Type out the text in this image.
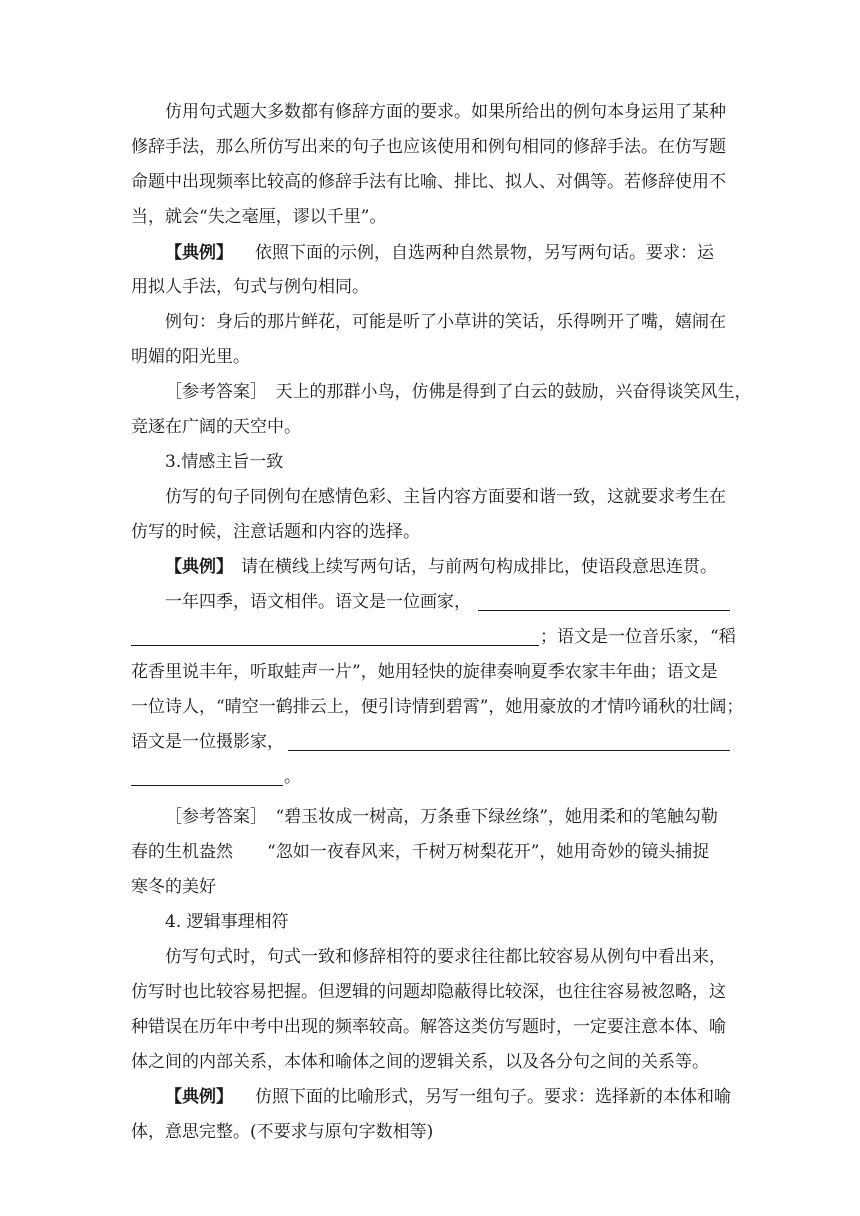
仿用句式题大多数都有修辞方面的要求。如果所给出的例句本身运用了某种
修辞手法，那么所仿写出来的句子也应该使用和例句相同的修辞手法。在仿写题
命题中出现频率比较高的修辞手法有比喻、排比、拟人、对偶等。若修辞使用不
当，就会“失之毫厘，谬以千里”。
【典例】 依照下面的示例，自选两种自然景物，另写两句话。要求：运
用拟人手法，句式与例句相同。
例句：身后的那片鲜花，可能是听了小草讲的笑话，乐得咧开了嘴，嬉闹在
明媚的阳光里。
［参考答案］　天上的那群小鸟，仿佛是得到了白云的鼓励，兴奋得谈笑风生，
竞逐在广阔的天空中。
3.情感主旨一致
仿写的句子同例句在感情色彩、主旨内容方面要和谐一致，这就要求考生在
仿写的时候，注意话题和内容的选择。
【典例】 请在横线上续写两句话，与前两句构成排比，使语段意思连贯。
一年四季，语文相伴。语文是一位画家，
；语文是一位音乐家，“稻
花香里说丰年，听取蛙声一片”，她用轻快的旋律奏响夏季农家丰年曲；语文是
一位诗人，“晴空一鹤排云上，便引诗情到碧霄”，她用豪放的才情吟诵秋的壮阔；
语文是一位摄影家，
。
［参考答案］　“碧玉妆成一树高，万条垂下绿丝绦”，她用柔和的笔触勾勒
春的生机盎然　　“忽如一夜春风来，千树万树梨花开”，她用奇妙的镜头捕捉
寒冬的美好
4. 逻辑事理相符
仿写句式时，句式一致和修辞相符的要求往往都比较容易从例句中看出来，
仿写时也比较容易把握。但逻辑的问题却隐蔽得比较深，也往往容易被忽略，这
种错误在历年中考中出现的频率较高。解答这类仿写题时，一定要注意本体、喻
体之间的内部关系，本体和喻体之间的逻辑关系，以及各分句之间的关系等。
【典例】 仿照下面的比喻形式，另写一组句子。要求：选择新的本体和喻
体，意思完整。(不要求与原句字数相等)
